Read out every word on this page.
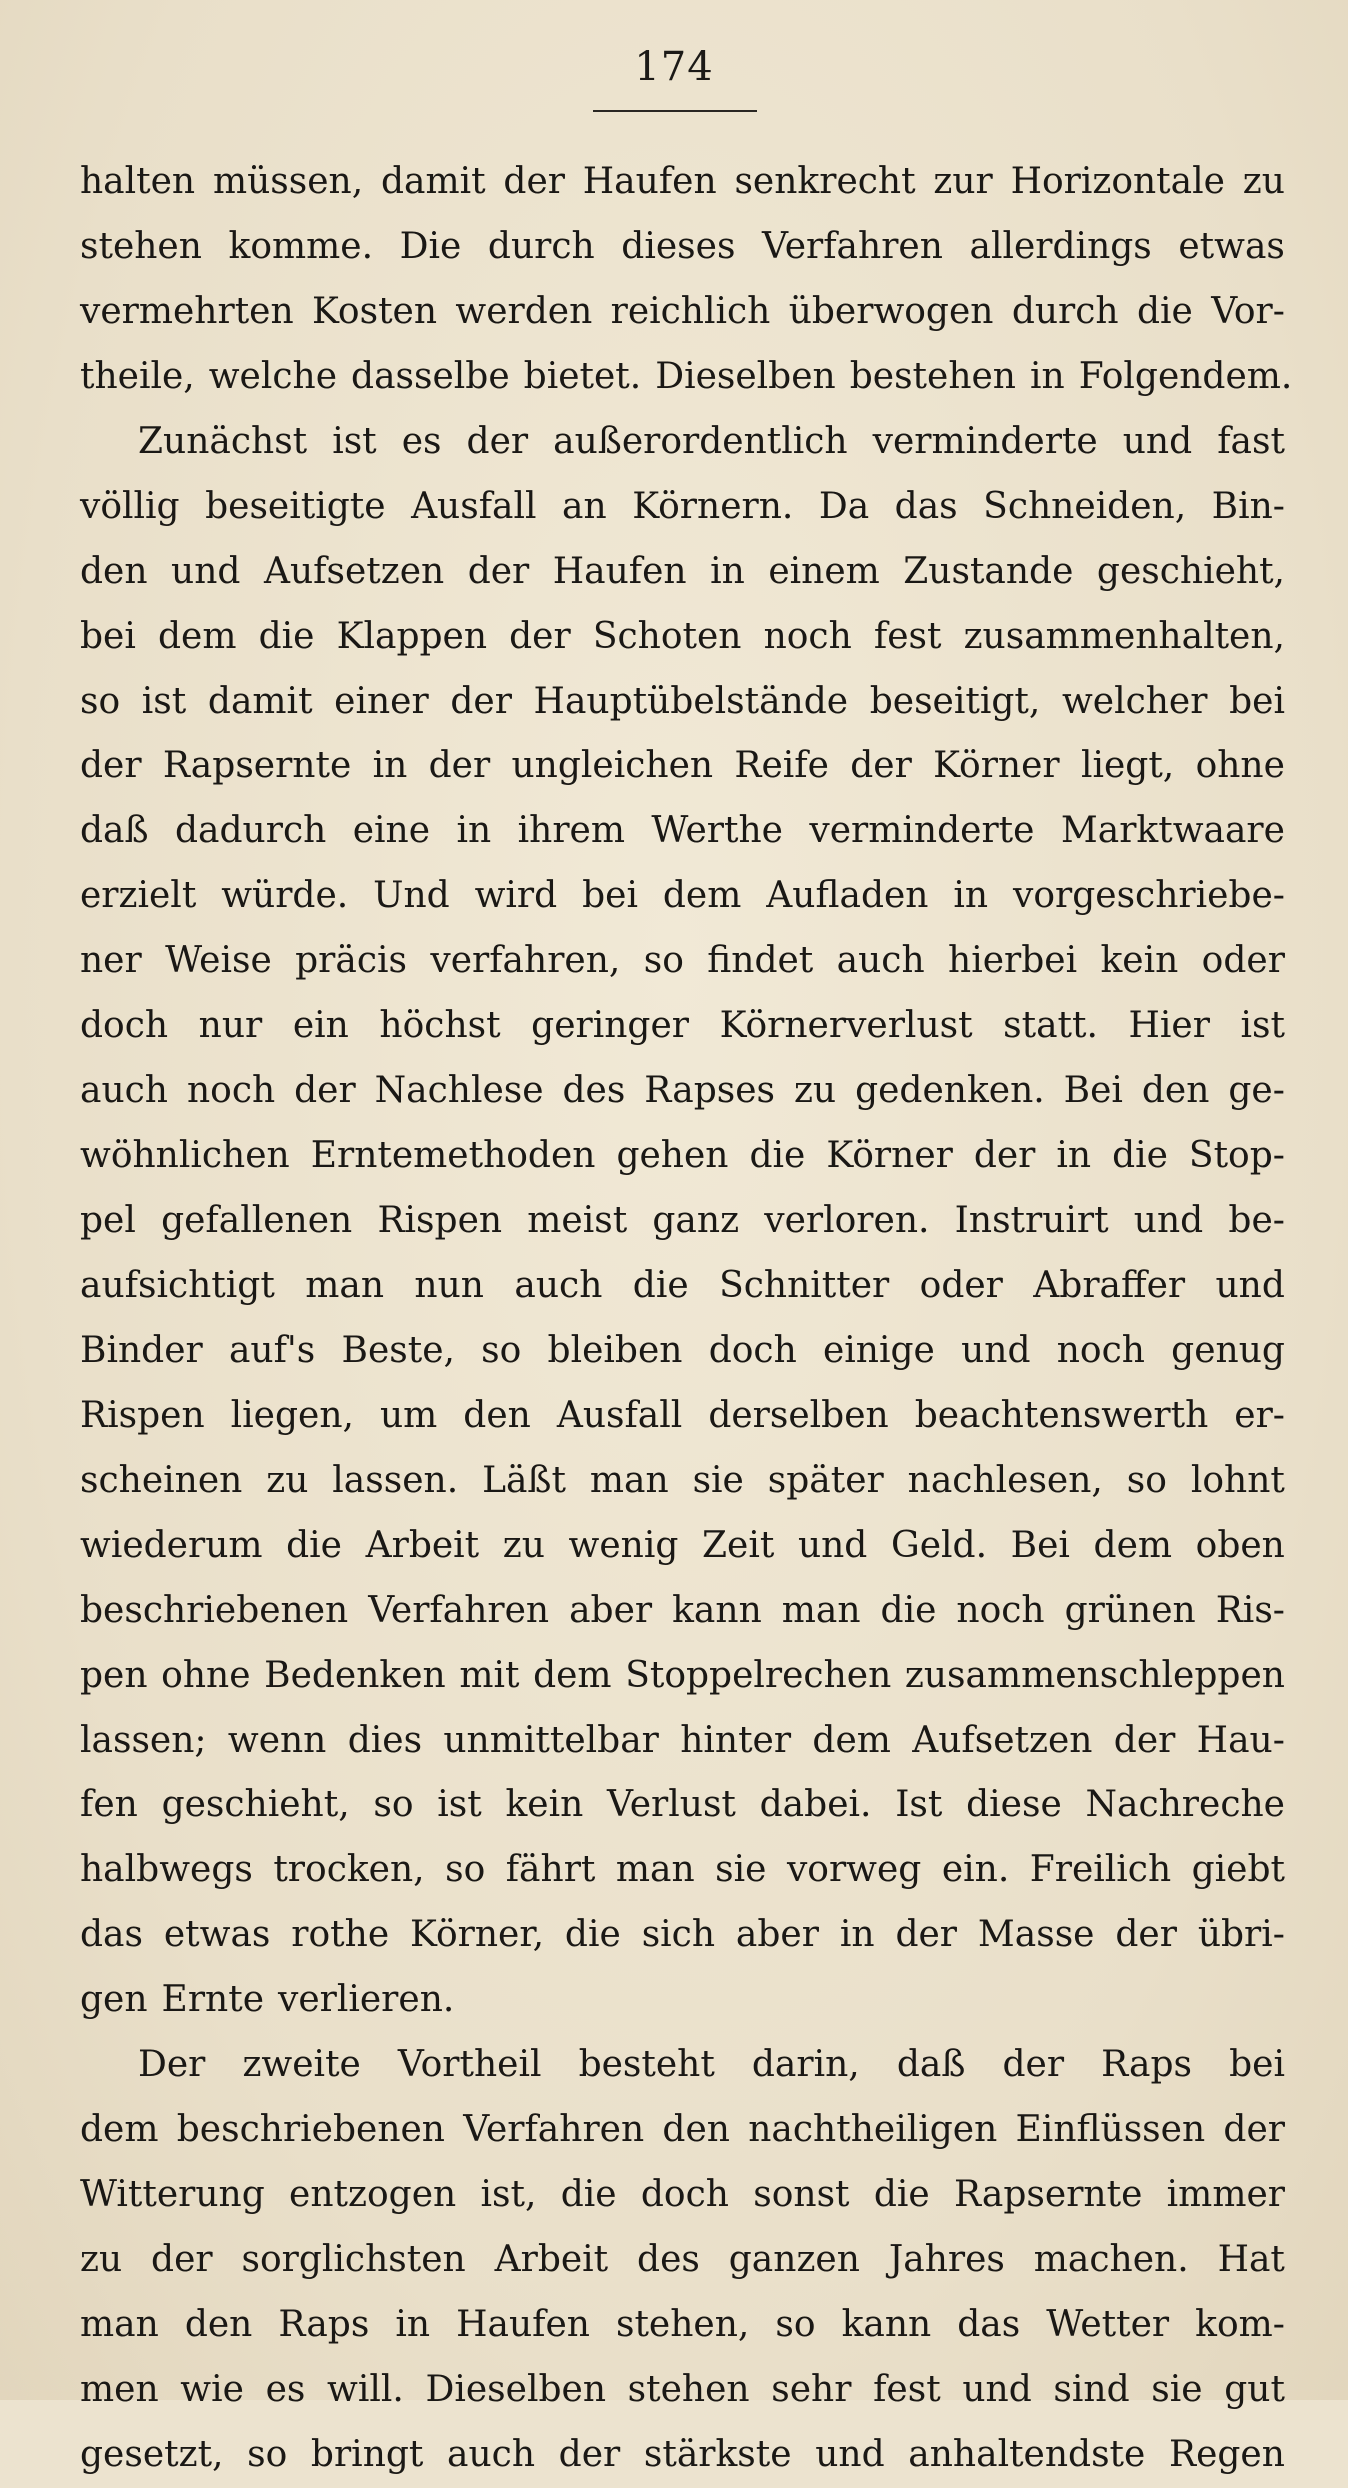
174
halten müssen, damit der Haufen senkrecht zur Horizontale zu
stehen komme. Die durch dieses Verfahren allerdings etwas
vermehrten Kosten werden reichlich überwogen durch die Vor-
theile, welche dasselbe bietet. Dieselben bestehen in Folgendem.
Zunächst ist es der außerordentlich verminderte und fast
völlig beseitigte Ausfall an Körnern. Da das Schneiden, Bin-
den und Aufsetzen der Haufen in einem Zustande geschieht,
bei dem die Klappen der Schoten noch fest zusammenhalten,
so ist damit einer der Hauptübelstände beseitigt, welcher bei
der Rapsernte in der ungleichen Reife der Körner liegt, ohne
daß dadurch eine in ihrem Werthe verminderte Marktwaare
erzielt würde. Und wird bei dem Aufladen in vorgeschriebe-
ner Weise präcis verfahren, so findet auch hierbei kein oder
doch nur ein höchst geringer Körnerverlust statt. Hier ist
auch noch der Nachlese des Rapses zu gedenken. Bei den ge-
wöhnlichen Erntemethoden gehen die Körner der in die Stop-
pel gefallenen Rispen meist ganz verloren. Instruirt und be-
aufsichtigt man nun auch die Schnitter oder Abraffer und
Binder auf's Beste, so bleiben doch einige und noch genug
Rispen liegen, um den Ausfall derselben beachtenswerth er-
scheinen zu lassen. Läßt man sie später nachlesen, so lohnt
wiederum die Arbeit zu wenig Zeit und Geld. Bei dem oben
beschriebenen Verfahren aber kann man die noch grünen Ris-
pen ohne Bedenken mit dem Stoppelrechen zusammenschleppen
lassen; wenn dies unmittelbar hinter dem Aufsetzen der Hau-
fen geschieht, so ist kein Verlust dabei. Ist diese Nachreche
halbwegs trocken, so fährt man sie vorweg ein. Freilich giebt
das etwas rothe Körner, die sich aber in der Masse der übri-
gen Ernte verlieren.
Der zweite Vortheil besteht darin, daß der Raps bei
dem beschriebenen Verfahren den nachtheiligen Einflüssen der
Witterung entzogen ist, die doch sonst die Rapsernte immer
zu der sorglichsten Arbeit des ganzen Jahres machen. Hat
man den Raps in Haufen stehen, so kann das Wetter kom-
men wie es will. Dieselben stehen sehr fest und sind sie gut
gesetzt, so bringt auch der stärkste und anhaltendste Regen
